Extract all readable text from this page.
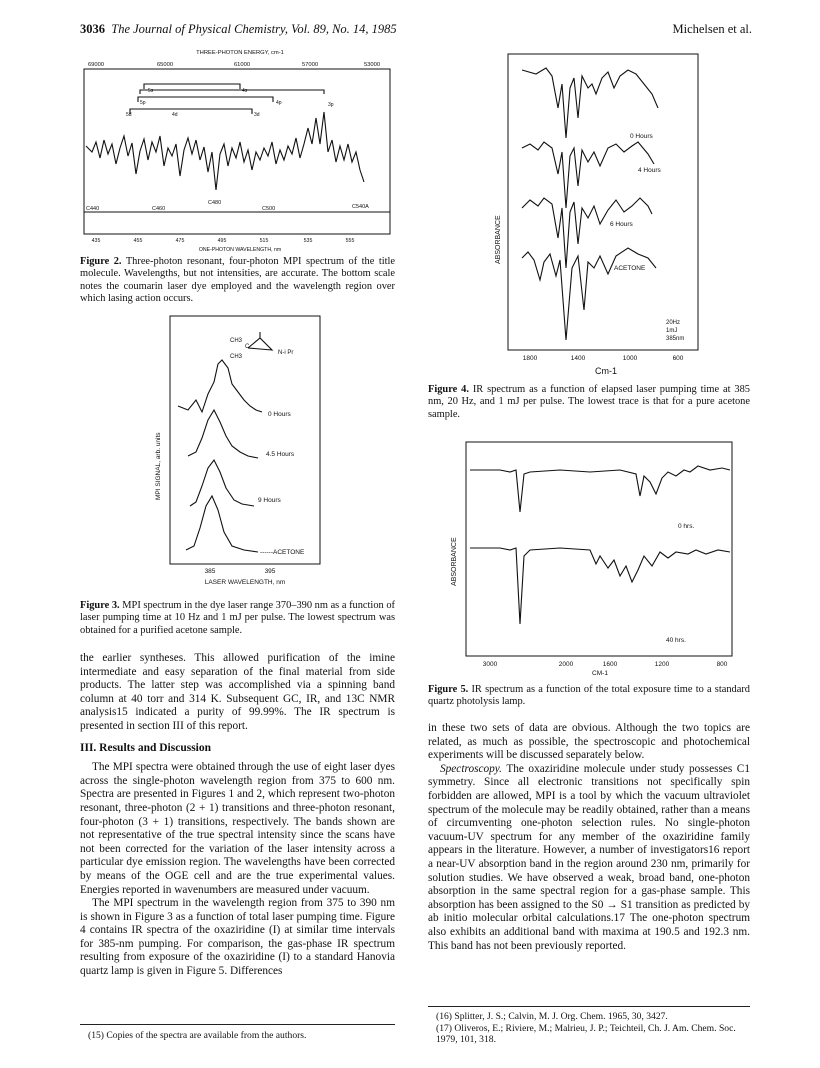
3036 The Journal of Physical Chemistry, Vol. 89, No. 14, 1985	Michelsen et al.
THREE-PHOTON ENERGY, cm-1
69000	65000	61000	57000	53000
5s	4s
5p	4p	3p
5d	4d	3d
C440	C460
C480
C500	C540A
435	455	475	495	515	535	555
ONE-PHOTON WAVELENGTH, nm
Figure 2. Three-photon resonant, four-photon MPI spectrum of the title molecule. Wavelengths, but not intensities, are accurate. The bottom scale notes the coumarin laser dye employed and the wavelength region over which lasing action occurs.
MPI SIGNAL, arb. units
CH3
C
N-i Pr
CH3
0 Hours
4.5 Hours
9 Hours
------ACETONE
385	395
LASER WAVELENGTH, nm
Figure 3. MPI spectrum in the dye laser range 370–390 nm as a function of laser pumping time at 10 Hz and 1 mJ per pulse. The lowest spectrum was obtained for a purified acetone sample.

the earlier syntheses. This allowed purification of the imine intermediate and easy separation of the final material from side products. The latter step was accomplished via a spinning band column at 40 torr and 314 K. Subsequent GC, IR, and 13C NMR analysis15 indicated a purity of 99.99%. The IR spectrum is presented in section III of this report.

III. Results and Discussion

The MPI spectra were obtained through the use of eight laser dyes across the single-photon wavelength region from 375 to 600 nm. Spectra are presented in Figures 1 and 2, which represent two-photon resonant, three-photon (2 + 1) transitions and three-photon resonant, four-photon (3 + 1) transitions, respectively. The bands shown are not representative of the true spectral intensity since the scans have not been corrected for the variation of the laser intensity across a particular dye emission region. The wavelengths have been corrected by means of the OGE cell and are the true experimental values. Energies reported in wavenumbers are measured under vacuum.

The MPI spectrum in the wavelength region from 375 to 390 nm is shown in Figure 3 as a function of total laser pumping time. Figure 4 contains IR spectra of the oxaziridine (I) at similar time intervals for 385-nm pumping. For comparison, the gas-phase IR spectrum resulting from exposure of the oxaziridine (I) to a standard Hanovia quartz lamp is given in Figure 5. Differences

(15) Copies of the spectra are available from the authors.
ABSORBANCE
0 Hours
4 Hours
6 Hours
ACETONE
20Hz
1mJ
385nm
1800	1400	1000	600
Cm-1
Figure 4. IR spectrum as a function of elapsed laser pumping time at 385 nm, 20 Hz, and 1 mJ per pulse. The lowest trace is that for a pure acetone sample.
ABSORBANCE
0 hrs.
40 hrs.
3000	2000	1600	1200	800
CM-1
Figure 5. IR spectrum as a function of the total exposure time to a standard quartz photolysis lamp.

in these two sets of data are obvious. Although the two topics are related, as much as possible, the spectroscopic and photochemical experiments will be discussed separately below.

Spectroscopy. The oxaziridine molecule under study possesses C1 symmetry. Since all electronic transitions not specifically spin forbidden are allowed, MPI is a tool by which the vacuum ultraviolet spectrum of the molecule may be readily obtained, rather than a means of circumventing one-photon selection rules. No single-photon vacuum-UV spectrum for any member of the oxaziridine family appears in the literature. However, a number of investigators16 report a near-UV absorption band in the region around 230 nm, primarily for solution studies. We have observed a weak, broad band, one-photon absorption in the same spectral region for a gas-phase sample. This absorption has been assigned to the S0 → S1 transition as predicted by ab initio molecular orbital calculations.17 The one-photon spectrum also exhibits an additional band with maxima at 190.5 and 192.3 nm. This band has not been previously reported.

(16) Splitter, J. S.; Calvin, M. J. Org. Chem. 1965, 30, 3427.
(17) Oliveros, E.; Riviere, M.; Malrieu, J. P.; Teichteil, Ch. J. Am. Chem. Soc. 1979, 101, 318.
